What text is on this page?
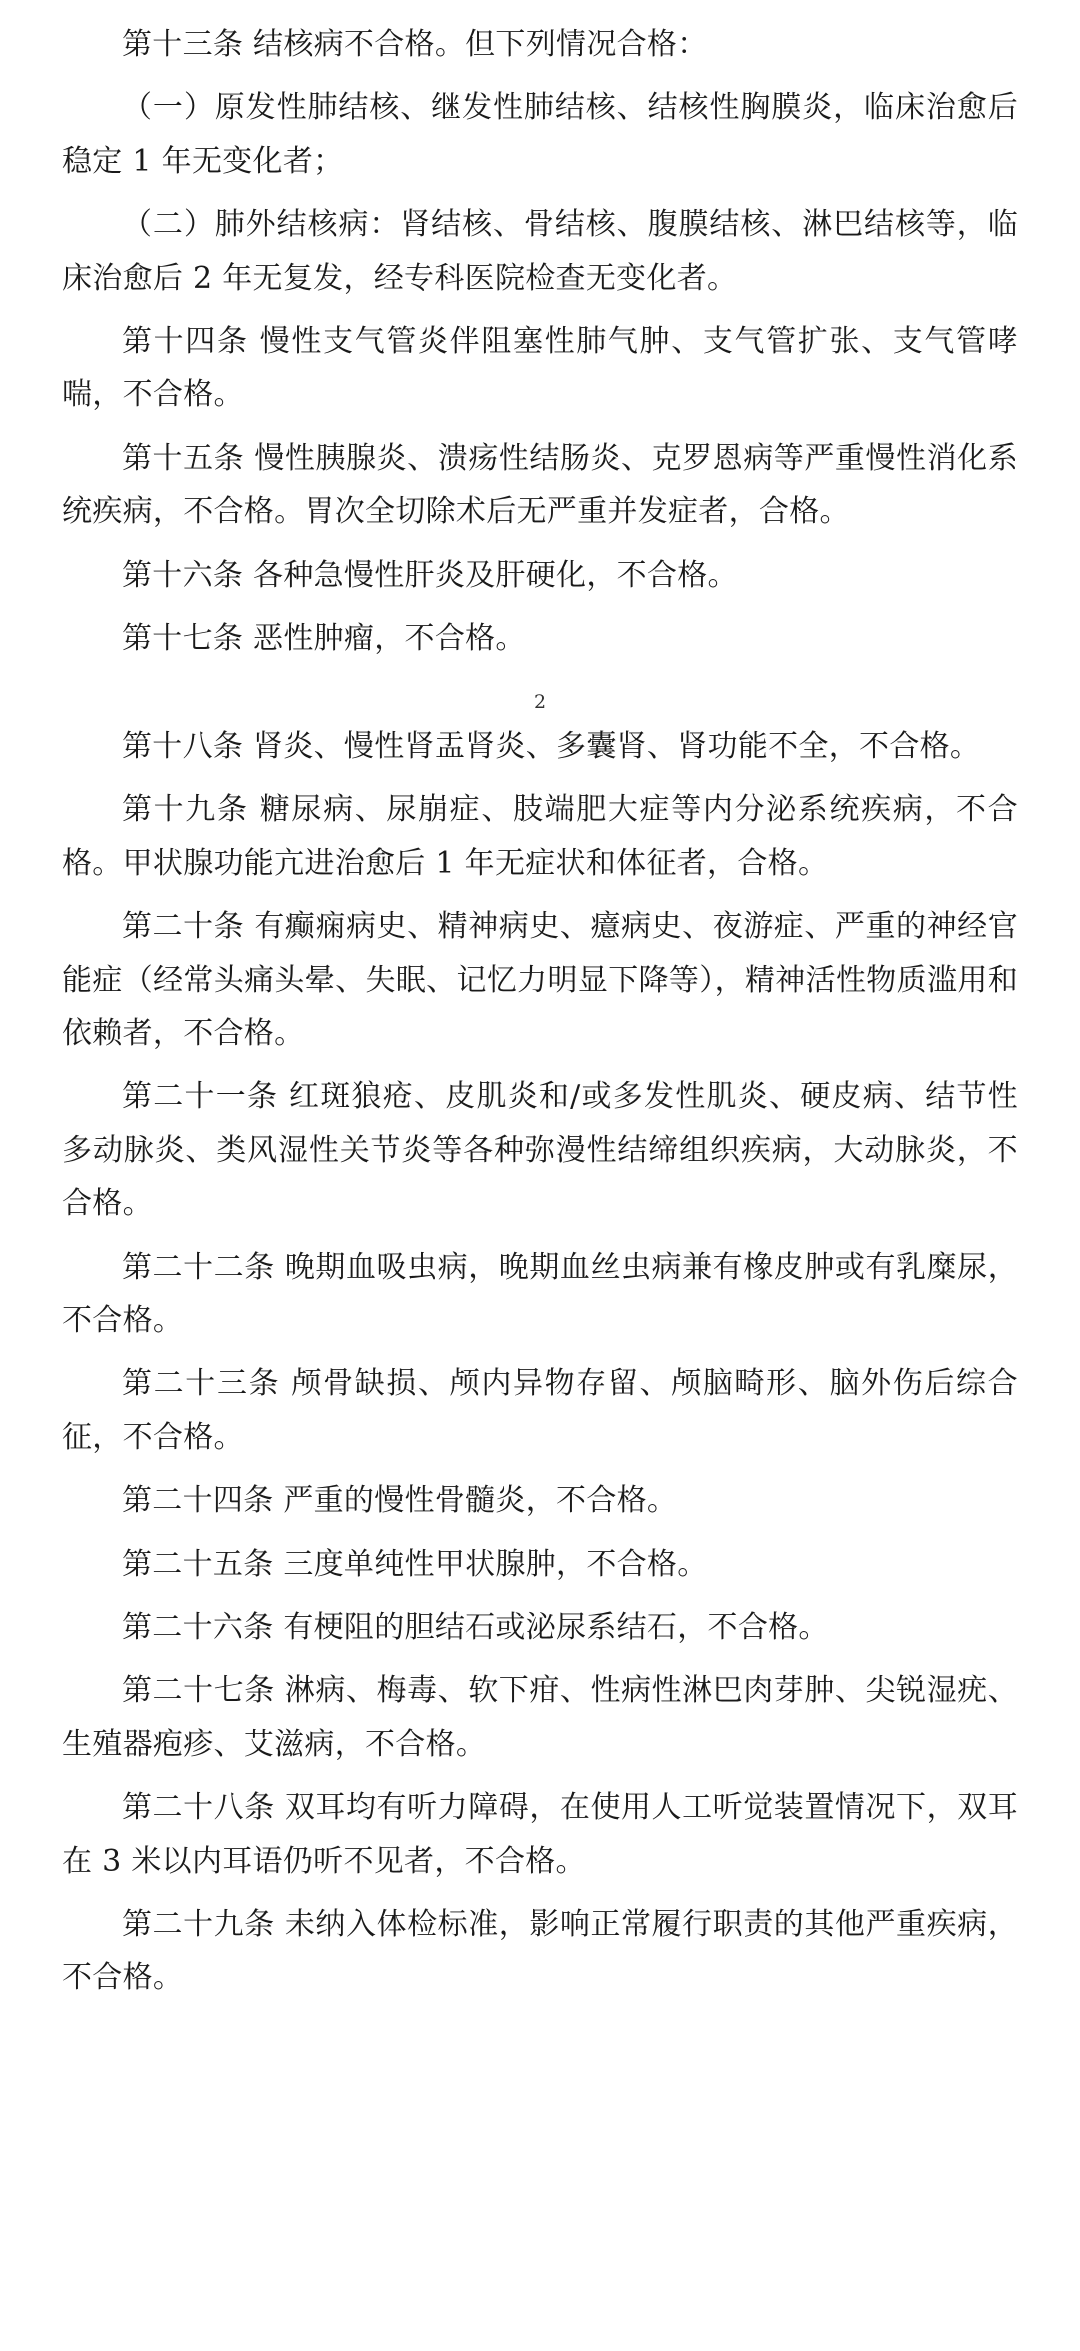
第十三条 结核病不合格。但下列情况合格：

（一）原发性肺结核、继发性肺结核、结核性胸膜炎，临床治愈后稳定 1 年无变化者；

（二）肺外结核病：肾结核、骨结核、腹膜结核、淋巴结核等，临床治愈后 2 年无复发，经专科医院检查无变化者。

第十四条 慢性支气管炎伴阻塞性肺气肿、支气管扩张、支气管哮喘，不合格。

第十五条 慢性胰腺炎、溃疡性结肠炎、克罗恩病等严重慢性消化系统疾病，不合格。胃次全切除术后无严重并发症者，合格。

第十六条 各种急慢性肝炎及肝硬化，不合格。

第十七条 恶性肿瘤，不合格。

2

第十八条 肾炎、慢性肾盂肾炎、多囊肾、肾功能不全，不合格。

第十九条 糖尿病、尿崩症、肢端肥大症等内分泌系统疾病，不合格。甲状腺功能亢进治愈后 1 年无症状和体征者，合格。

第二十条 有癫痫病史、精神病史、癔病史、夜游症、严重的神经官能症（经常头痛头晕、失眠、记忆力明显下降等），精神活性物质滥用和依赖者，不合格。

第二十一条 红斑狼疮、皮肌炎和/或多发性肌炎、硬皮病、结节性多动脉炎、类风湿性关节炎等各种弥漫性结缔组织疾病，大动脉炎，不合格。

第二十二条 晚期血吸虫病，晚期血丝虫病兼有橡皮肿或有乳糜尿，不合格。

第二十三条 颅骨缺损、颅内异物存留、颅脑畸形、脑外伤后综合征，不合格。

第二十四条 严重的慢性骨髓炎，不合格。

第二十五条 三度单纯性甲状腺肿，不合格。

第二十六条 有梗阻的胆结石或泌尿系结石，不合格。

第二十七条 淋病、梅毒、软下疳、性病性淋巴肉芽肿、尖锐湿疣、生殖器疱疹、艾滋病，不合格。

第二十八条 双耳均有听力障碍，在使用人工听觉装置情况下，双耳在 3 米以内耳语仍听不见者，不合格。

第二十九条 未纳入体检标准，影响正常履行职责的其他严重疾病，不合格。
